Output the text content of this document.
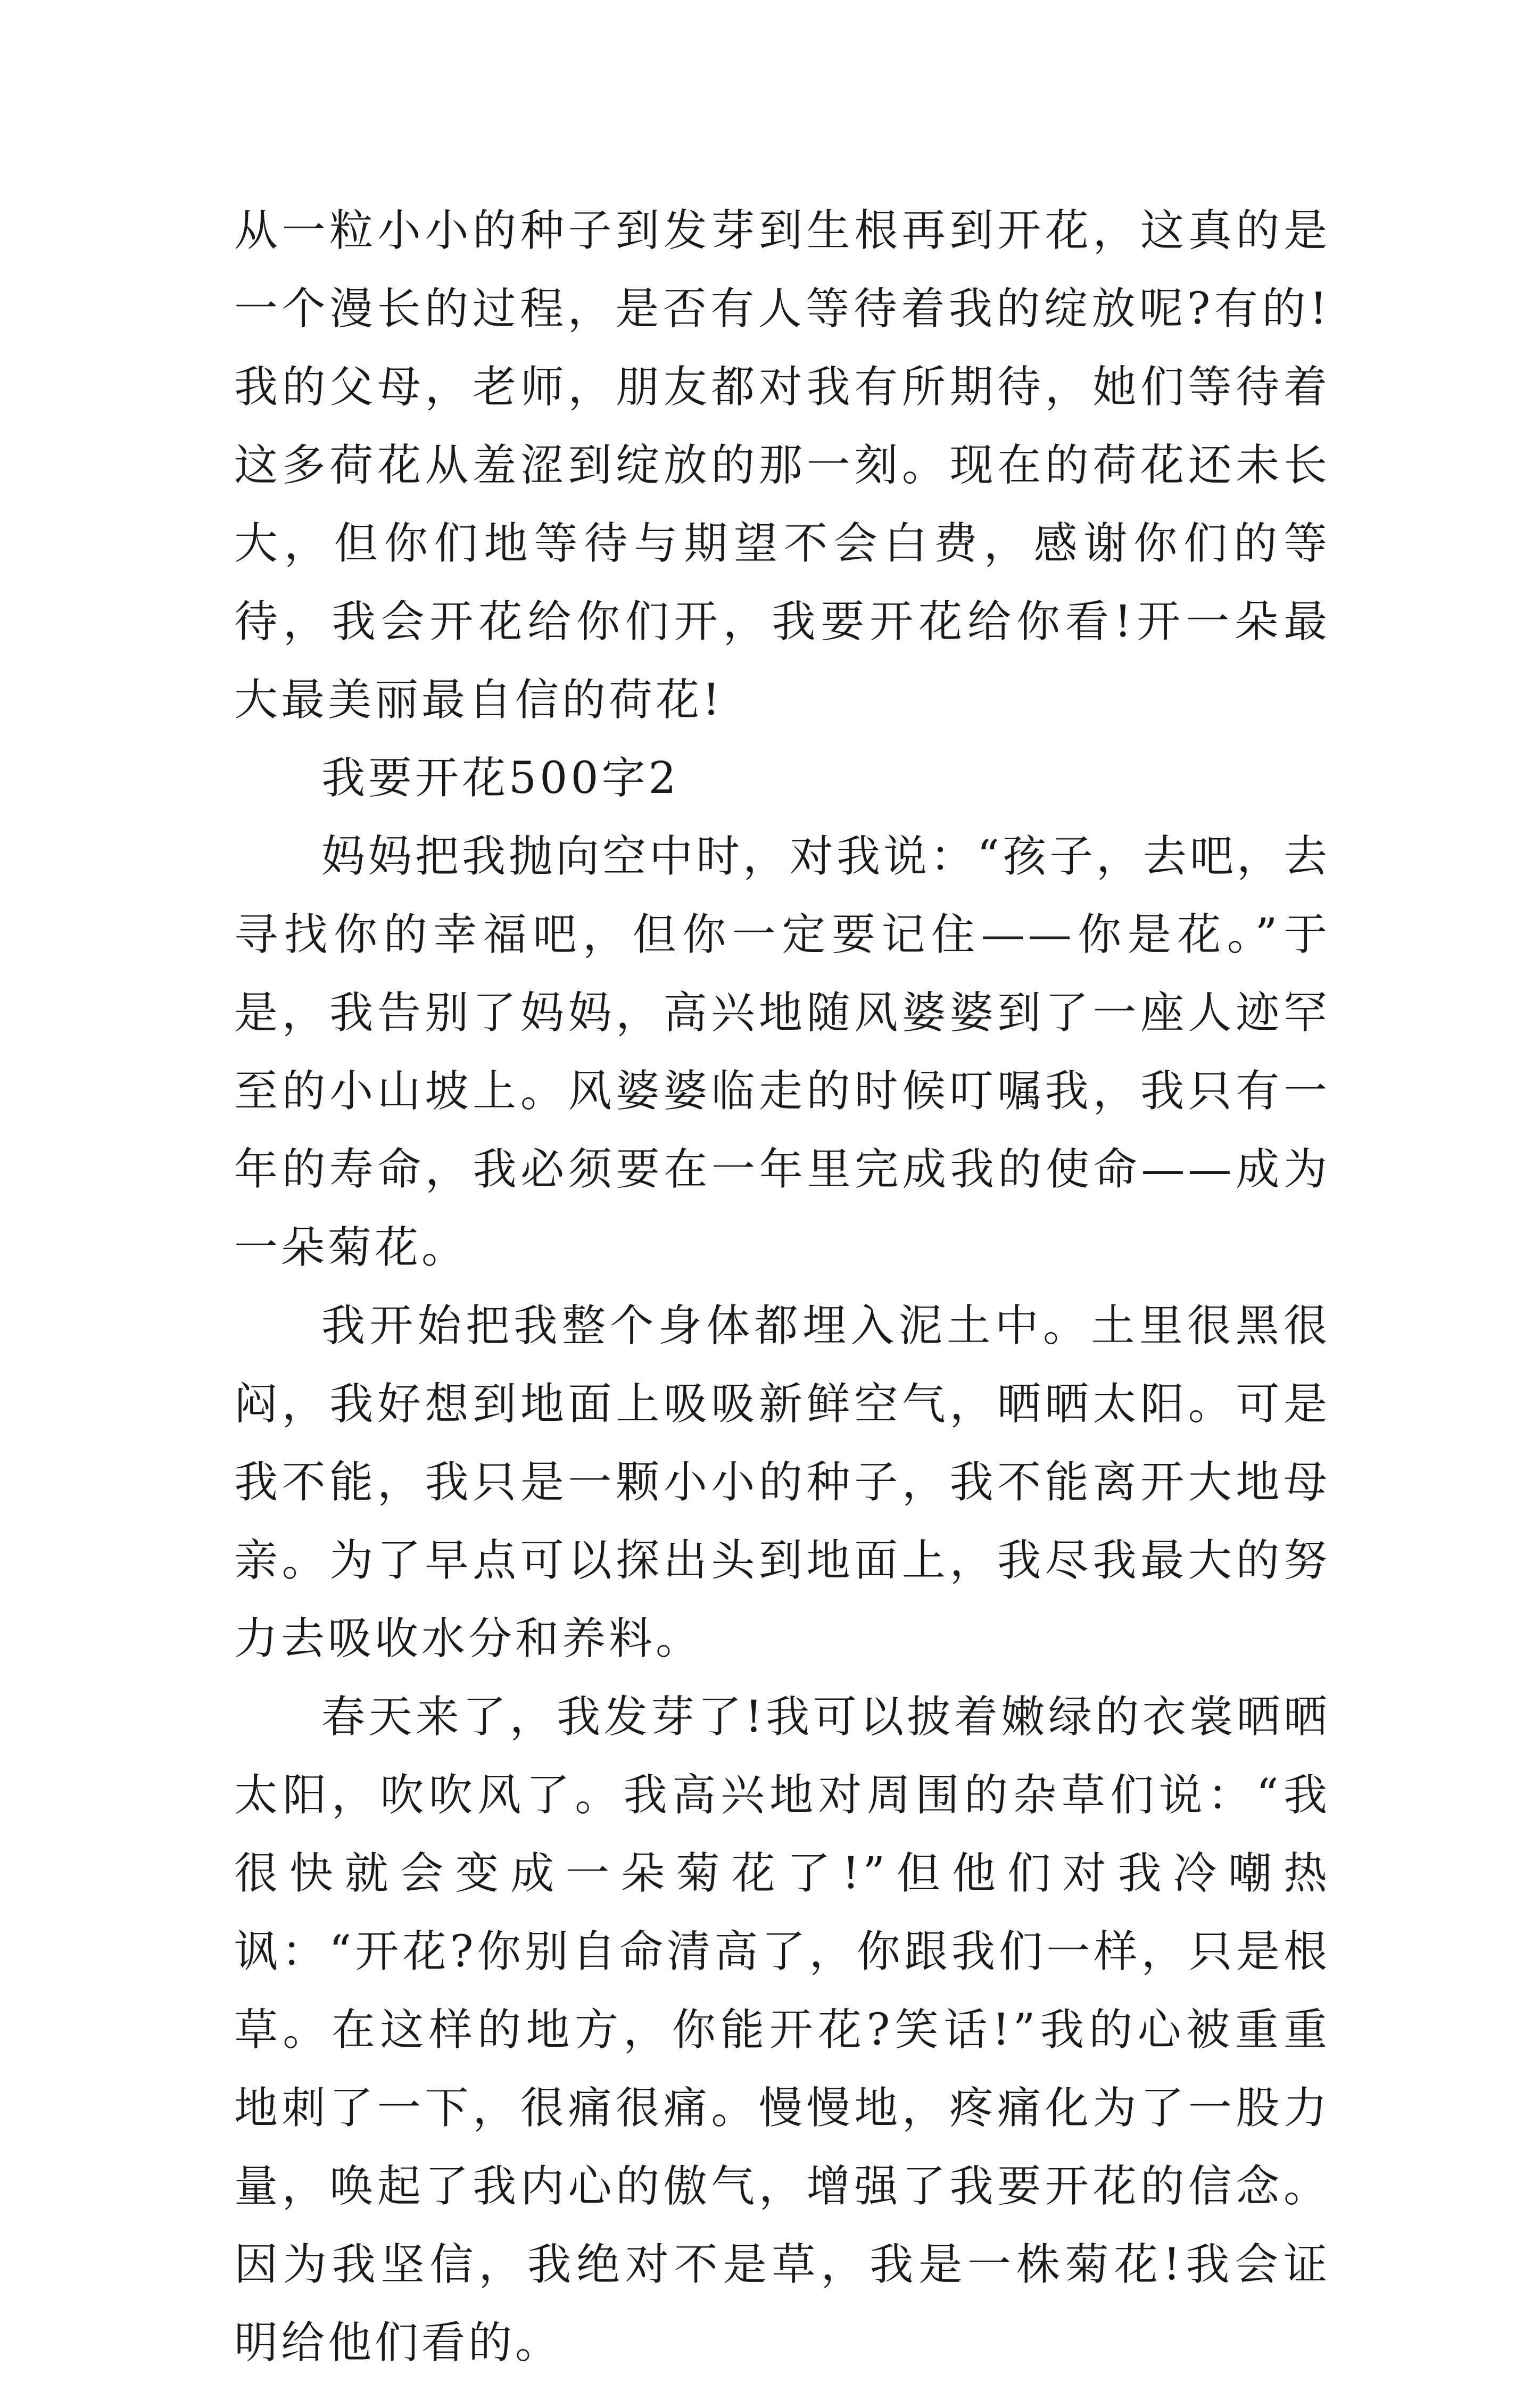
从一粒小小的种子到发芽到生根再到开花，这真的是一个漫长的过程，是否有人等待着我的绽放呢?有的!我的父母，老师，朋友都对我有所期待，她们等待着这多荷花从羞涩到绽放的那一刻。现在的荷花还未长大，但你们地等待与期望不会白费，感谢你们的等待，我会开花给你们开，我要开花给你看!开一朵最大最美丽最自信的荷花!

我要开花500字2

妈妈把我抛向空中时，对我说：“孩子，去吧，去寻找你的幸福吧，但你一定要记住——你是花。”于是，我告别了妈妈，高兴地随风婆婆到了一座人迹罕至的小山坡上。风婆婆临走的时候叮嘱我，我只有一年的寿命，我必须要在一年里完成我的使命——成为一朵菊花。

我开始把我整个身体都埋入泥土中。土里很黑很闷，我好想到地面上吸吸新鲜空气，晒晒太阳。可是我不能，我只是一颗小小的种子，我不能离开大地母亲。为了早点可以探出头到地面上，我尽我最大的努力去吸收水分和养料。

春天来了，我发芽了!我可以披着嫩绿的衣裳晒晒太阳，吹吹风了。我高兴地对周围的杂草们说：“我很快就会变成一朵菊花了!”但他们对我冷嘲热讽：“开花?你别自命清高了，你跟我们一样，只是根草。在这样的地方，你能开花?笑话!”我的心被重重地刺了一下，很痛很痛。慢慢地，疼痛化为了一股力量，唤起了我内心的傲气，增强了我要开花的信念。因为我坚信，我绝对不是草，我是一株菊花!我会证明给他们看的。
